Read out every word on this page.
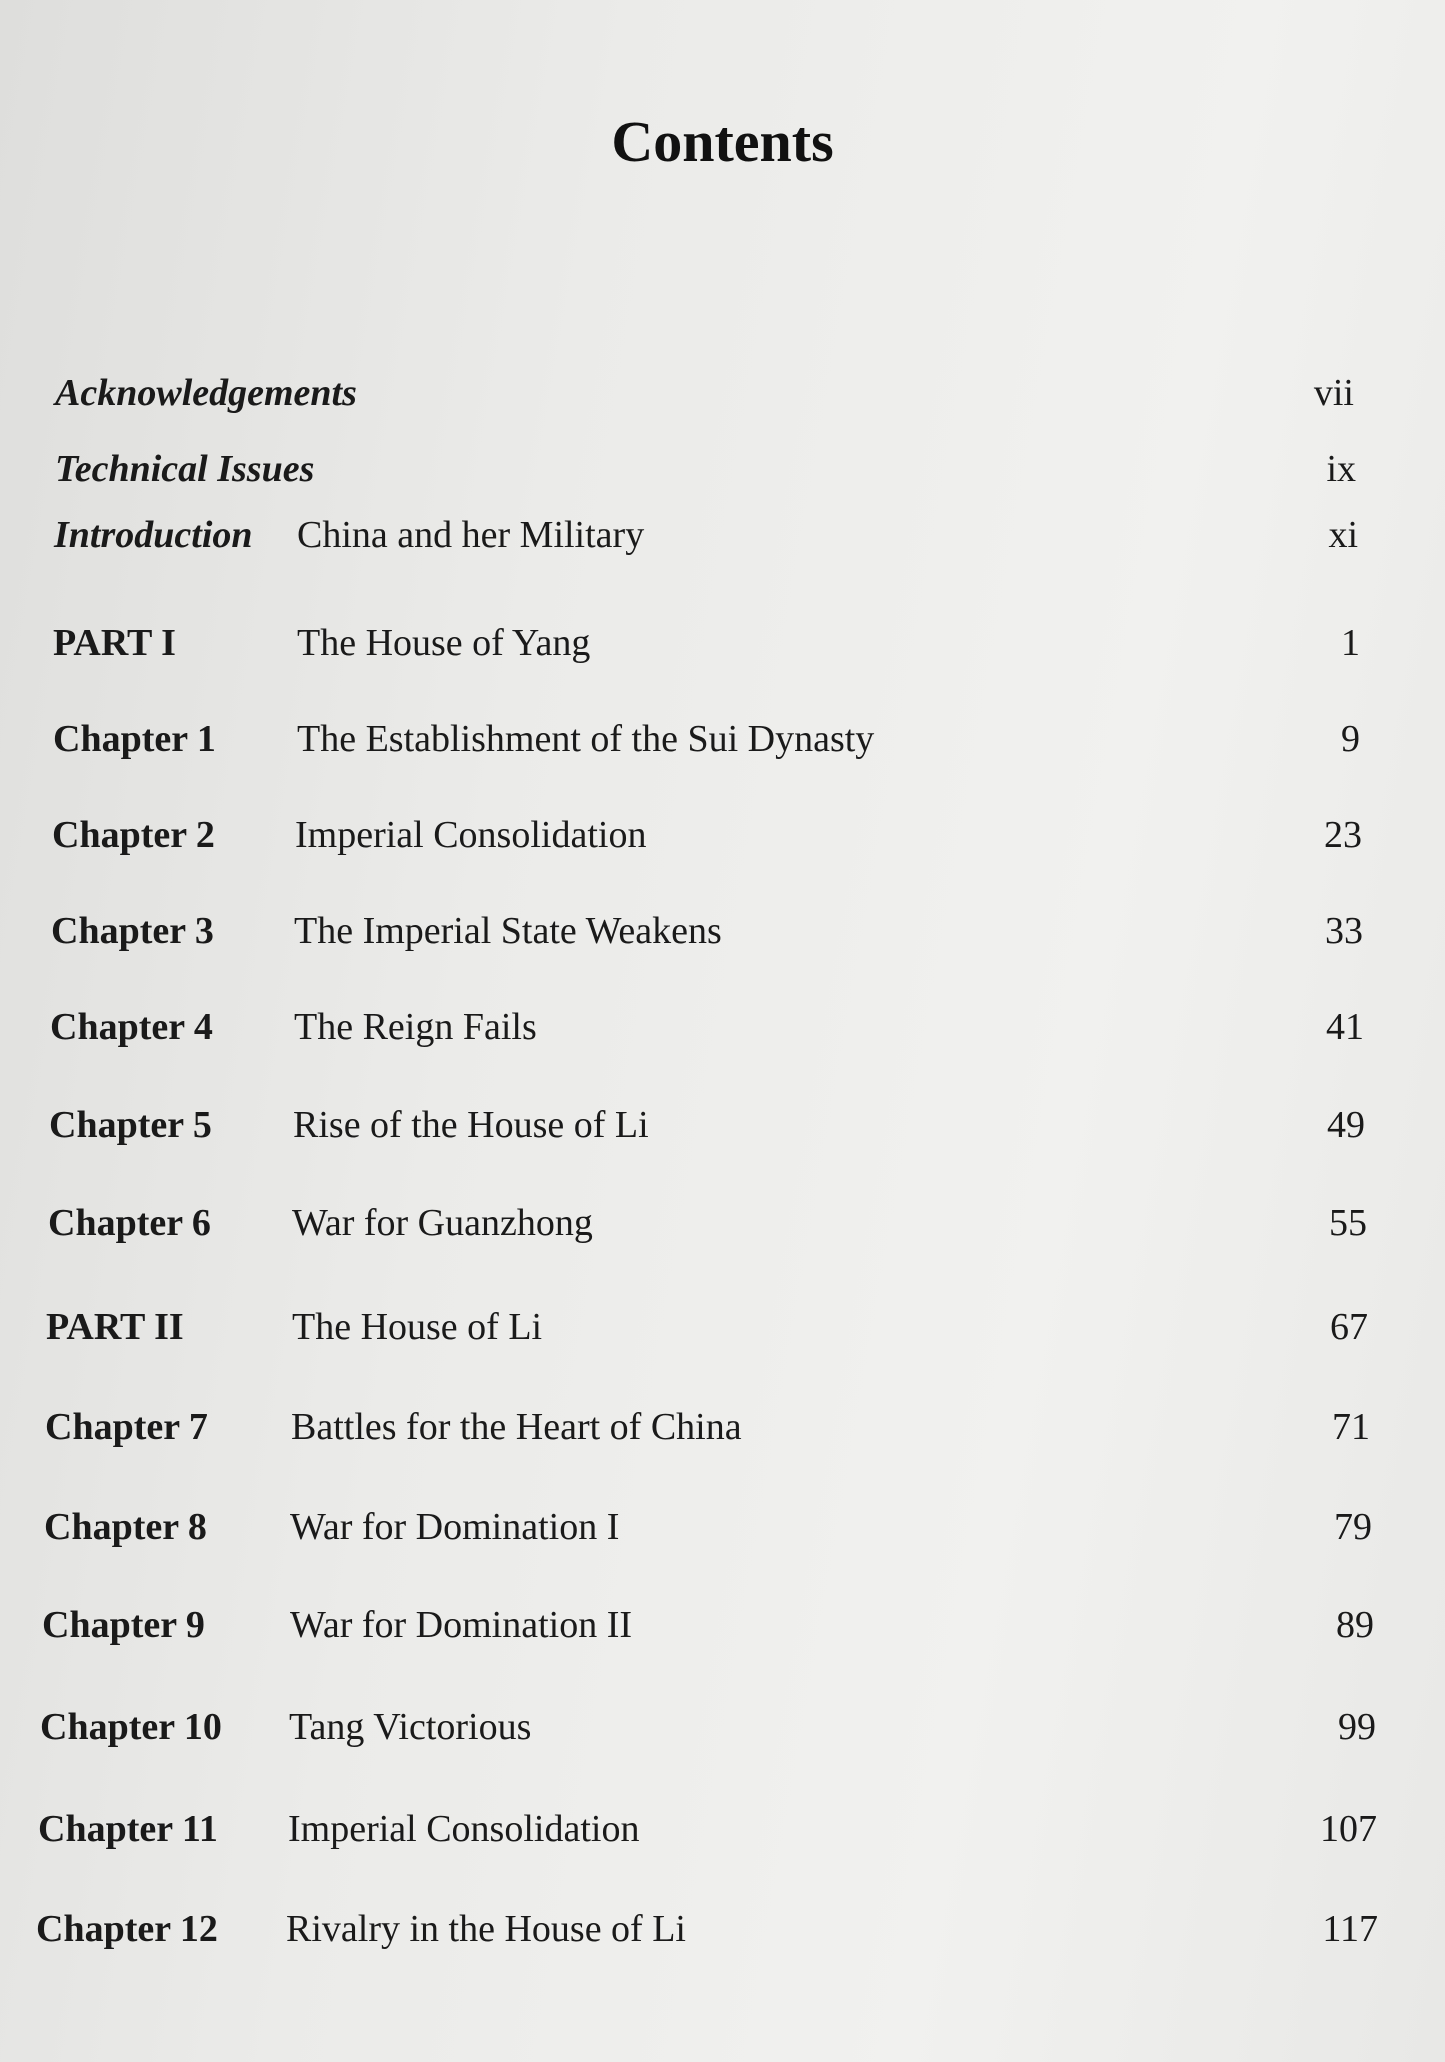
Contents
Acknowledgements	vii
Technical Issues	ix
Introduction China and her Military	xi
PART I	The House of Yang	1
Chapter 1 The Establishment of the Sui Dynasty	9
Chapter 2 Imperial Consolidation	23
Chapter 3 The Imperial State Weakens	33
Chapter 4 The Reign Fails	41
Chapter 5 Rise of the House of Li	49
Chapter 6 War for Guanzhong	55
PART II	The House of Li	67
Chapter 7 Battles for the Heart of China	71
Chapter 8 War for Domination I	79
Chapter 9 War for Domination II	89
Chapter 10 Tang Victorious	99
Chapter 11 Imperial Consolidation	107
Chapter 12 Rivalry in the House of Li	117
